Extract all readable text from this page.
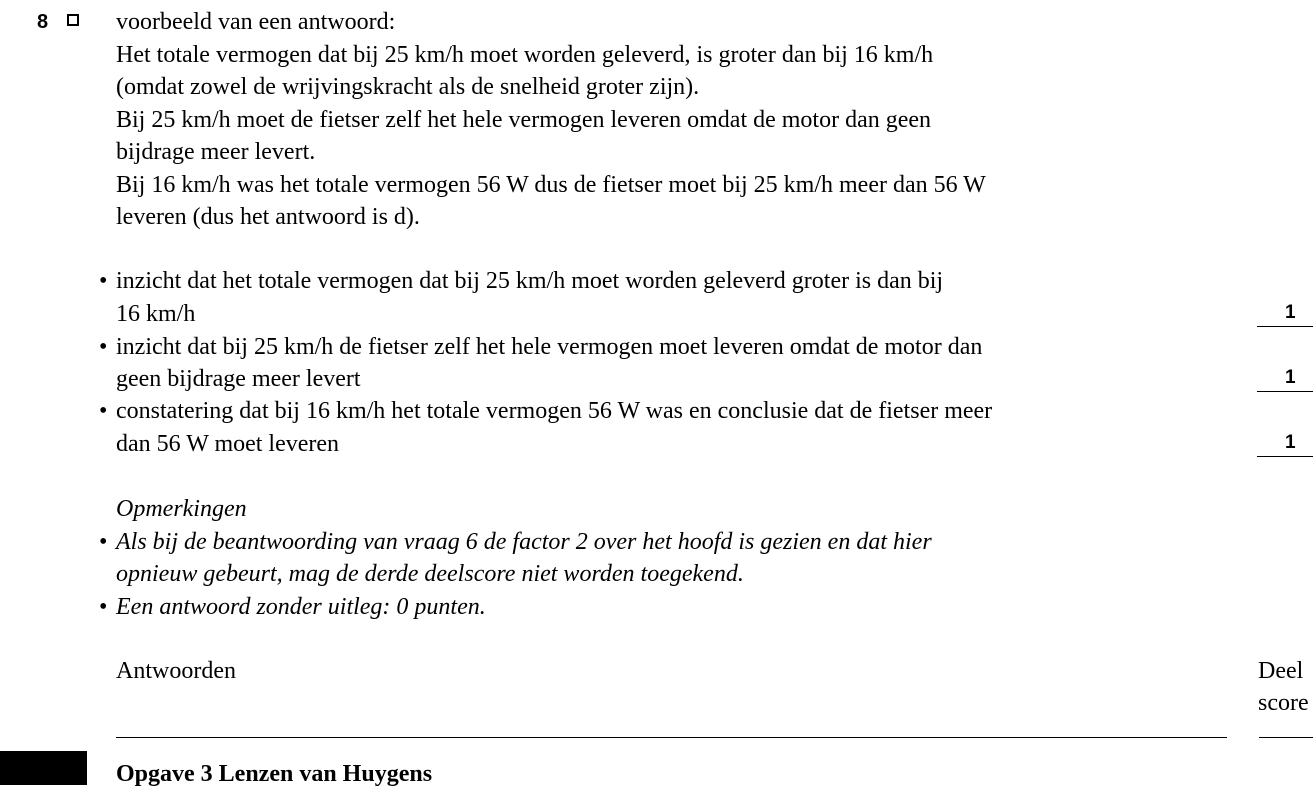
8	voorbeeld van een antwoord:
Het totale vermogen dat bij 25 km/h moet worden geleverd, is groter dan bij 16 km/h
(omdat zowel de wrijvingskracht als de snelheid groter zijn).
Bij 25 km/h moet de fietser zelf het hele vermogen leveren omdat de motor dan geen
bijdrage meer levert.
Bij 16 km/h was het totale vermogen 56 W dus de fietser moet bij 25 km/h meer dan 56 W
leveren (dus het antwoord is d).
• inzicht dat het totale vermogen dat bij 25 km/h moet worden geleverd groter is dan bij
16 km/h	1
• inzicht dat bij 25 km/h de fietser zelf het hele vermogen moet leveren omdat de motor dan
geen bijdrage meer levert	1
• constatering dat bij 16 km/h het totale vermogen 56 W was en conclusie dat de fietser meer
dan 56 W moet leveren	1
Opmerkingen
• Als bij de beantwoording van vraag 6 de factor 2 over het hoofd is gezien en dat hier
opnieuw gebeurt, mag de derde deelscore niet worden toegekend.
• Een antwoord zonder uitleg: 0 punten.
Antwoorden	Deel
score
Opgave 3 Lenzen van Huygens
